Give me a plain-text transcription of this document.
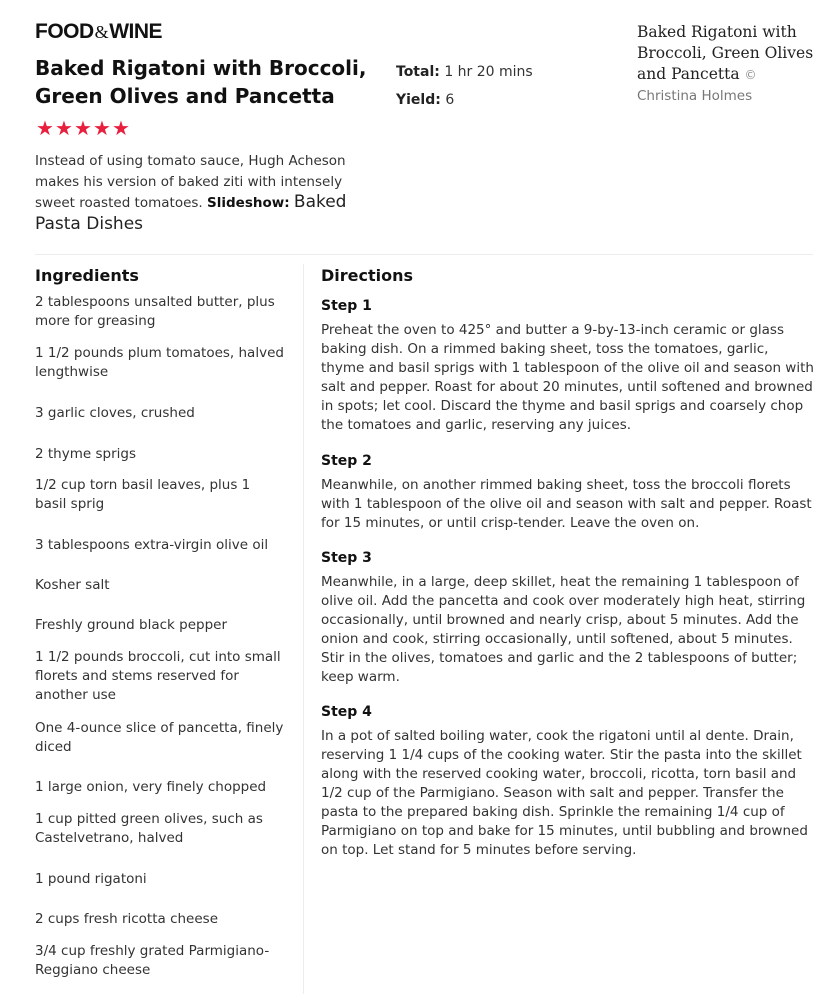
FOOD&WINE
Baked Rigatoni with Broccoli, Green Olives and Pancetta
★★★★★
Total: 1 hr 20 mins
Yield: 6
Baked Rigatoni with Broccoli, Green Olives and Pancetta ©
Christina Holmes
Instead of using tomato sauce, Hugh Acheson makes his version of baked ziti with intensely sweet roasted tomatoes. Slideshow: Baked Pasta Dishes
Ingredients
2 tablespoons unsalted butter, plus more for greasing
1 1/2 pounds plum tomatoes, halved lengthwise
3 garlic cloves, crushed
2 thyme sprigs
1/2 cup torn basil leaves, plus 1 basil sprig
3 tablespoons extra-virgin olive oil
Kosher salt
Freshly ground black pepper
1 1/2 pounds broccoli, cut into small florets and stems reserved for another use
One 4-ounce slice of pancetta, finely diced
1 large onion, very finely chopped
1 cup pitted green olives, such as Castelvetrano, halved
1 pound rigatoni
2 cups fresh ricotta cheese
3/4 cup freshly grated Parmigiano-Reggiano cheese
Directions
Step 1

Preheat the oven to 425° and butter a 9-by-13-inch ceramic or glass baking dish. On a rimmed baking sheet, toss the tomatoes, garlic, thyme and basil sprigs with 1 tablespoon of the olive oil and season with salt and pepper. Roast for about 20 minutes, until softened and browned in spots; let cool. Discard the thyme and basil sprigs and coarsely chop the tomatoes and garlic, reserving any juices.

Step 2

Meanwhile, on another rimmed baking sheet, toss the broccoli florets with 1 tablespoon of the olive oil and season with salt and pepper. Roast for 15 minutes, or until crisp-tender. Leave the oven on.

Step 3

Meanwhile, in a large, deep skillet, heat the remaining 1 tablespoon of olive oil. Add the pancetta and cook over moderately high heat, stirring occasionally, until browned and nearly crisp, about 5 minutes. Add the onion and cook, stirring occasionally, until softened, about 5 minutes. Stir in the olives, tomatoes and garlic and the 2 tablespoons of butter; keep warm.

Step 4

In a pot of salted boiling water, cook the rigatoni until al dente. Drain, reserving 1 1/4 cups of the cooking water. Stir the pasta into the skillet along with the reserved cooking water, broccoli, ricotta, torn basil and 1/2 cup of the Parmigiano. Season with salt and pepper. Transfer the pasta to the prepared baking dish. Sprinkle the remaining 1/4 cup of Parmigiano on top and bake for 15 minutes, until bubbling and browned on top. Let stand for 5 minutes before serving.
